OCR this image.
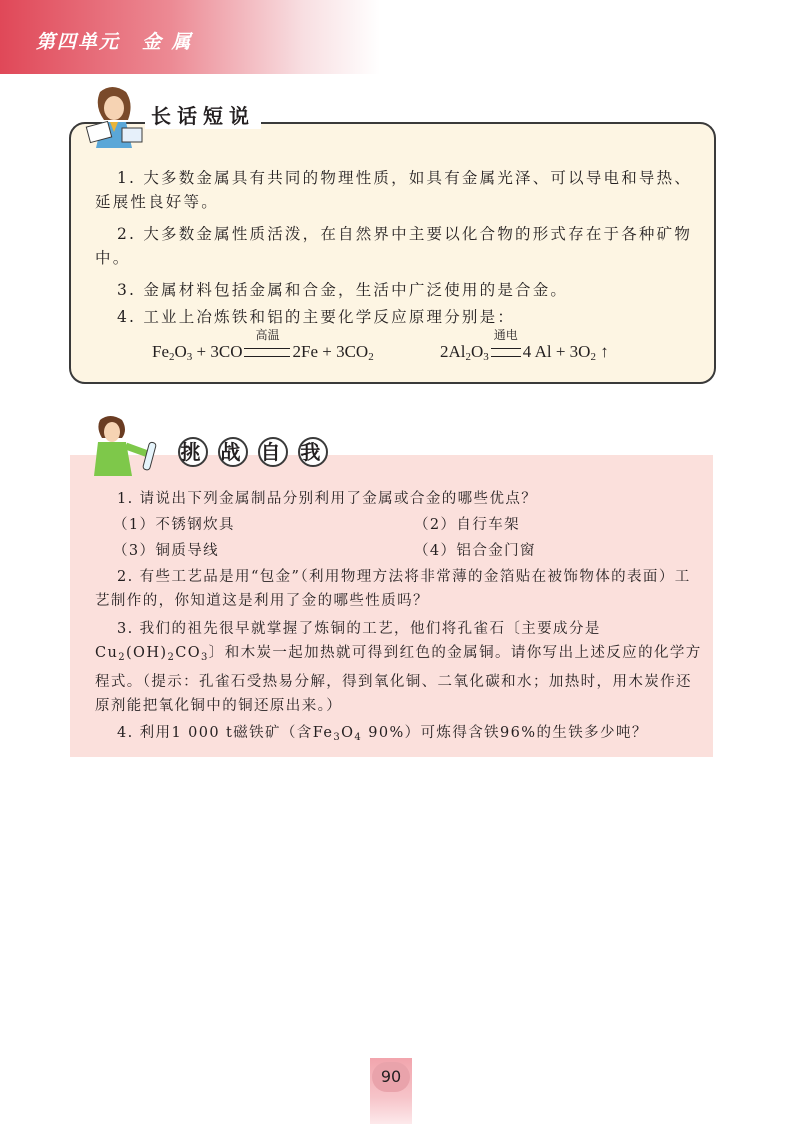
第四单元 金 属
长话短说

1. 大多数金属具有共同的物理性质，如具有金属光泽、可以导电和导热、延展性良好等。

2. 大多数金属性质活泼，在自然界中主要以化合物的形式存在于各种矿物中。

3. 金属材料包括金属和合金，生活中广泛使用的是合金。

4. 工业上冶炼铁和铝的主要化学反应原理分别是：

$Fe_2O_3 + 3CO$
高温
$2Fe + 3CO_2$	$2Al_2O_3$
通电
4 $Al + 3O_2$ ↑
挑 战 自 我

1. 请说出下列金属制品分别利用了金属或合金的哪些优点？

（1）不锈钢炊具	（2）自行车架

（3）铜质导线	（4）铝合金门窗

2. 有些工艺品是用“包金”（利用物理方法将非常薄的金箔贴在被饰物体的表面）工艺制作的，你知道这是利用了金的哪些性质吗？

3. 我们的祖先很早就掌握了炼铜的工艺，他们将孔雀石〔主要成分是$Cu_2(OH)_2CO_3$〕和木炭一起加热就可得到红色的金属铜。请你写出上述反应的化学方程式。（提示：孔雀石受热易分解，得到氧化铜、二氧化碳和水；加热时，用木炭作还原剂能把氧化铜中的铜还原出来。）

4. 利用1 000 t磁铁矿（含$Fe_3O_4$ 90%）可炼得含铁96%的生铁多少吨？

90
